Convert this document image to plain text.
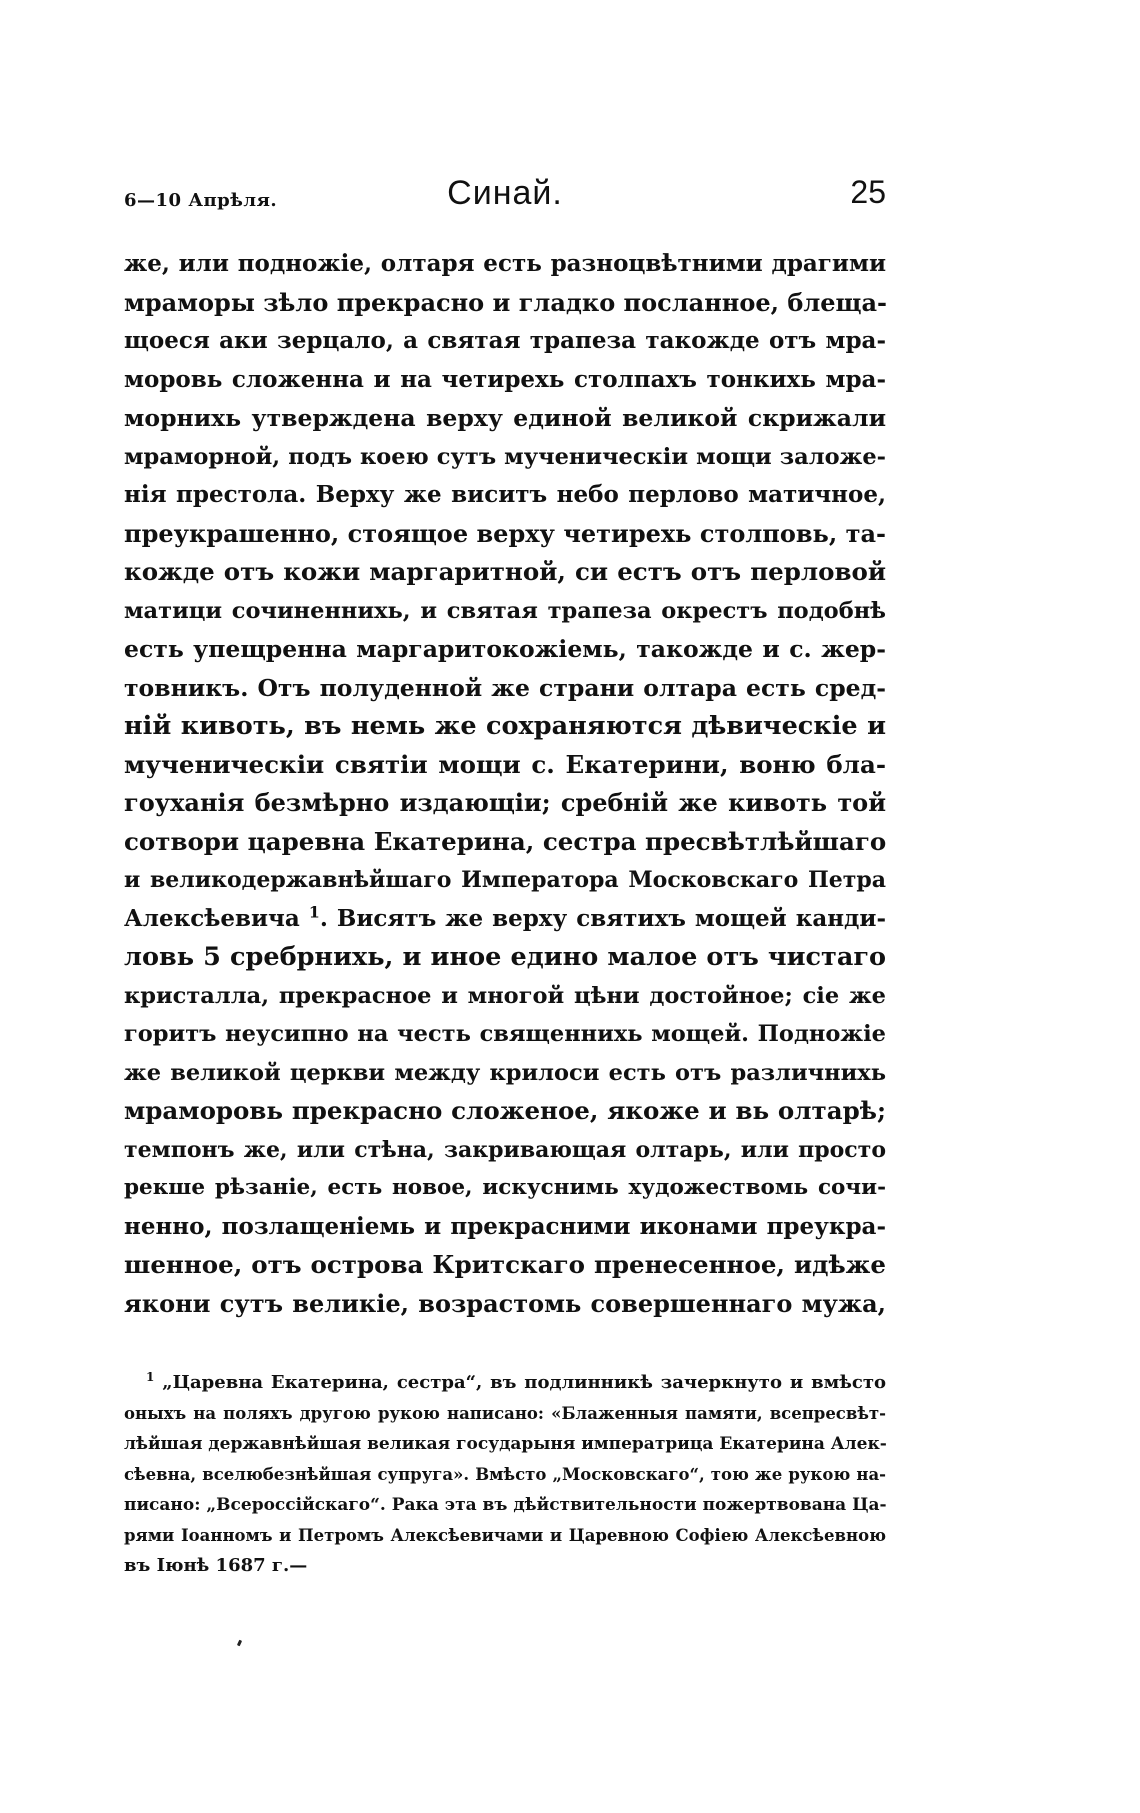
6—10 Апрѣля.	Синай.	25
же, или подножіе, олтаря есть разноцвѣтними драгими
мраморы зѣло прекрасно и гладко посланное, блеща-
щоеся аки зерцало, а святая трапеза такожде отъ мра-
моровь сложенна и на четирехь столпахъ тонкихь мра-
морнихь утверждена верху единой великой скрижали
мраморной, подъ коею сутъ мученическіи мощи заложе-
нія престола. Верху же виситъ небо перлово матичное,
преукрашенно, стоящое верху четирехь столповь, та-
кожде отъ кожи маргаритной, си естъ отъ перловой
матици сочиненнихь, и святая трапеза окрестъ подобнѣ
есть упещренна маргаритокожіемь, такожде и с. жер-
товникъ. Отъ полуденной же страни олтара есть сред-
ній кивоть, въ немь же сохраняются дѣвическіе и
мученическіи святіи мощи с. Екатерини, воню бла-
гоуханія безмѣрно издающіи; сребній же кивоть той
сотвори царевна Екатерина, сестра пресвѣтлѣйшаго
и великодержавнѣйшаго Императора Московскаго Петра
Алексѣевича $^1$. Висятъ же верху святихъ мощей канди-
ловь 5 сребрнихь, и иное едино малое отъ чистаго
кристалла, прекрасное и многой цѣни достойное; сіе же
горитъ неусипно на честь священнихь мощей. Подножіе
же великой церкви между крилоси есть отъ различнихь
мраморовь прекрасно сложеное, якоже и вь олтарѣ;
темпонъ же, или стѣна, закривающая олтарь, или просто
рекше рѣзаніе, есть новое, искуснимь художествомь сочи-
ненно, позлащеніемь и прекрасними иконами преукра-
шенное, отъ острова Критскаго пренесенное, идѣже
якони сутъ великіе, возрастомь совершеннаго мужа,
$^1$ „Царевна Екатерина, сестра“, въ подлинникѣ зачеркнуто и вмѣсто
оныхъ на поляхъ другою рукою написано: «Блаженныя памяти, всепресвѣт-
лѣйшая державнѣйшая великая государыня императрица Екатерина Алек-
сѣевна, вселюбезнѣйшая супруга». Вмѣсто „Московскаго“, тою же рукою на-
писано: „Всероссійскаго“. Рака эта въ дѣйствительности пожертвована Ца-
рями Іоанномъ и Петромъ Алексѣевичами и Царевною Софіею Алексѣевною
въ Іюнѣ 1687 г.—
